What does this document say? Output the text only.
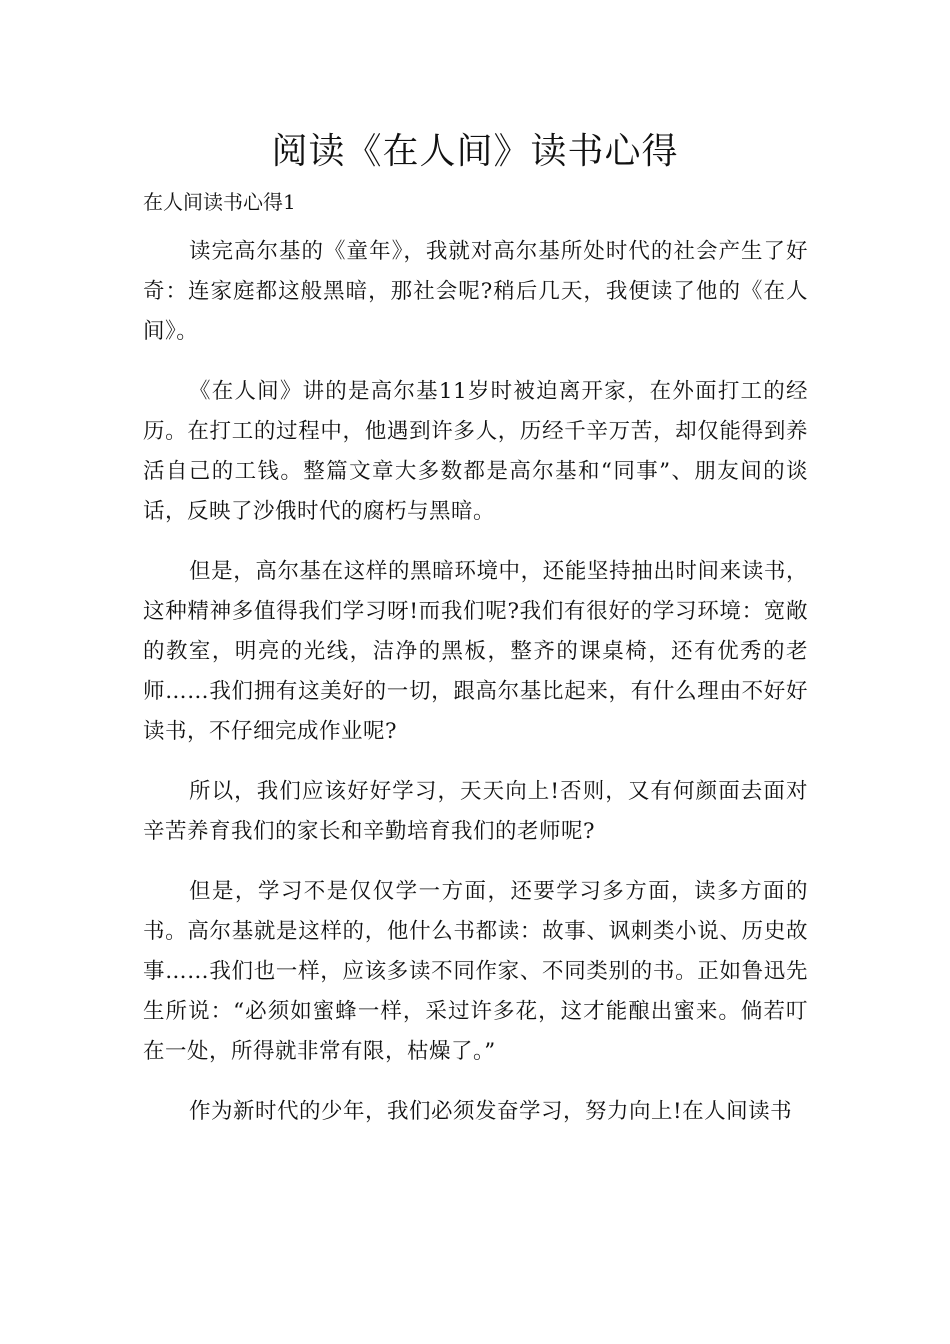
阅读《在人间》读书心得
在人间读书心得1

读完高尔基的《童年》，我就对高尔基所处时代的社会产生了好奇：连家庭都这般黑暗，那社会呢?稍后几天，我便读了他的《在人间》。

《在人间》讲的是高尔基11岁时被迫离开家，在外面打工的经历。在打工的过程中，他遇到许多人，历经千辛万苦，却仅能得到养活自己的工钱。整篇文章大多数都是高尔基和“同事”、朋友间的谈话，反映了沙俄时代的腐朽与黑暗。

但是，高尔基在这样的黑暗环境中，还能坚持抽出时间来读书，这种精神多值得我们学习呀!而我们呢?我们有很好的学习环境：宽敞的教室，明亮的光线，洁净的黑板，整齐的课桌椅，还有优秀的老师……我们拥有这美好的一切，跟高尔基比起来，有什么理由不好好读书，不仔细完成作业呢?

所以，我们应该好好学习，天天向上!否则，又有何颜面去面对辛苦养育我们的家长和辛勤培育我们的老师呢?

但是，学习不是仅仅学一方面，还要学习多方面，读多方面的书。高尔基就是这样的，他什么书都读：故事、讽刺类小说、历史故事……我们也一样，应该多读不同作家、不同类别的书。正如鲁迅先生所说：“必须如蜜蜂一样，采过许多花，这才能酿出蜜来。倘若叮在一处，所得就非常有限，枯燥了。”

作为新时代的少年，我们必须发奋学习，努力向上!在人间读书
